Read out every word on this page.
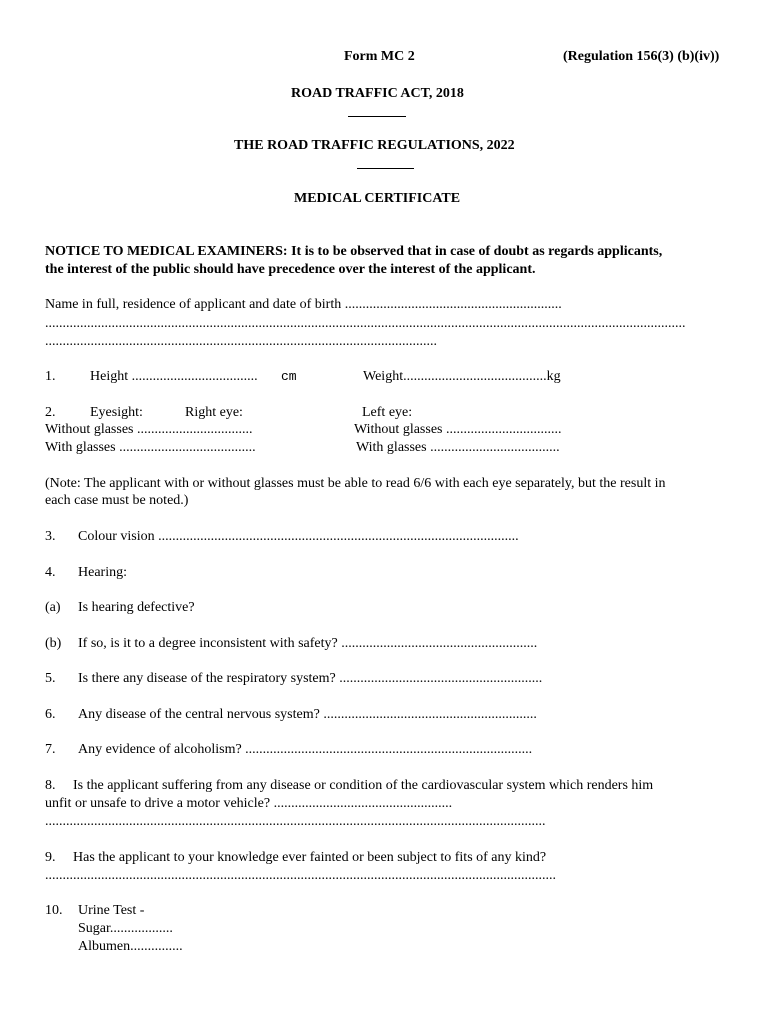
Form MC 2	(Regulation 156(3) (b)(iv))
ROAD TRAFFIC ACT, 2018
THE ROAD TRAFFIC REGULATIONS, 2022
MEDICAL CERTIFICATE
NOTICE TO MEDICAL EXAMINERS: It is to be observed that in case of doubt as regards applicants,
the interest of the public should have precedence over the interest of the applicant.
Name in full, residence of applicant and date of birth ..............................................................
.......................................................................................................................................................................................
................................................................................................................
1. Height .................................... cm	Weight.........................................kg
2. Eyesight:	Right eye:	Left eye:
Without glasses .................................	Without glasses .................................
With glasses .......................................	With glasses .....................................
(Note: The applicant with or without glasses must be able to read 6/6 with each eye separately, but the result in
each case must be noted.)
3. Colour vision .......................................................................................................
4. Hearing:
(a) Is hearing defective?
(b) If so, is it to a degree inconsistent with safety? ........................................................
5. Is there any disease of the respiratory system? ..........................................................
6. Any disease of the central nervous system? .............................................................
7. Any evidence of alcoholism? ..................................................................................
8.     Is the applicant suffering from any disease or condition of the cardiovascular system which renders him
unfit or unsafe to drive a motor vehicle? ...................................................
...............................................................................................................................................
9.     Has the applicant to your knowledge ever fainted or been subject to fits of any kind?
..................................................................................................................................................
10. Urine Test -
Sugar..................
Albumen...............
